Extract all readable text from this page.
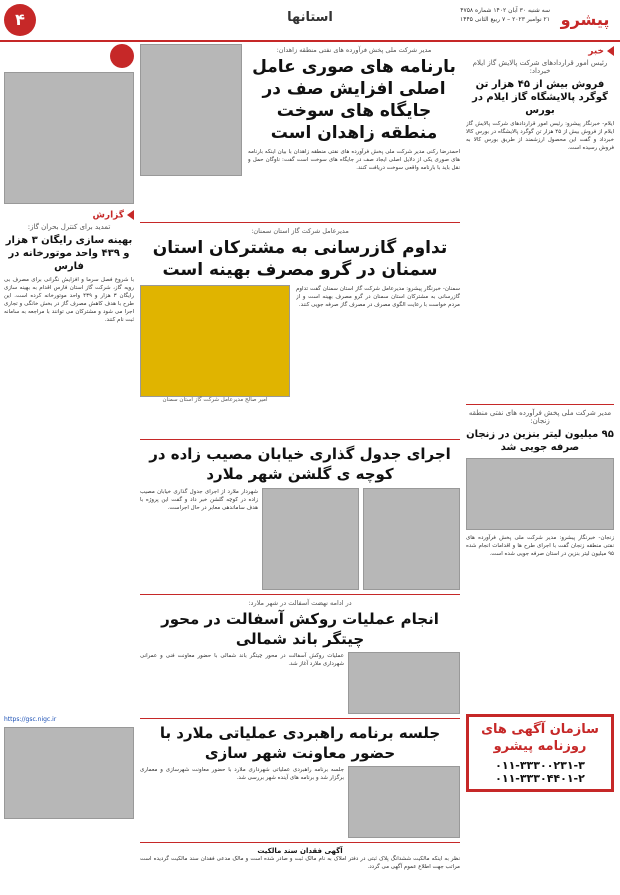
پیشرو
سه شنبه ۳۰ آبان ۱۴۰۲ شماره ۴۷۵۸
۲۱ نوامبر ۲۰۲۳ – ۷ ربیع الثانی ۱۴۴۵
استانها
۴
خبر
رئیس امور قراردادهای شرکت پالایش گاز ایلام خبرداد:
فروش بیش از ۴۵ هزار تن گوگرد پالایشگاه گاز ایلام در بورس
ایلام- خبرنگار پیشرو: رئیس امور قراردادهای شرکت پالایش گاز ایلام از فروش بیش از ۴۵ هزار تن گوگرد پالایشگاه در بورس کالا خبرداد و گفت این محصول ارزشمند از طریق بورس کالا به فروش رسیده است.
مدیر شرکت ملی پخش فرآورده های نفتی منطقه زنجان:
۹۵ میلیون لیتر بنزین در زنجان صرفه جویی شد
زنجان- خبرنگار پیشرو: مدیر شرکت ملی پخش فرآورده های نفتی منطقه زنجان گفت با اجرای طرح ها و اقدامات انجام شده ۹۵ میلیون لیتر بنزین در استان صرفه جویی شده است.
سازمان آگهی های روزنامه پیشرو
۰۱۱-۳۳۳۰۰۲۳۱-۳
۰۱۱-۳۳۳۰۴۴۰۱-۲
مدیر شرکت ملی پخش فرآورده های نفتی منطقه زاهدان:
بارنامه های صوری عامل اصلی افزایش صف در جایگاه های سوخت منطقه زاهدان است
احمدرضا رکنی مدیر شرکت ملی پخش فرآورده های نفتی منطقه زاهدان با بیان اینکه بارنامه های صوری یکی از دلایل اصلی ایجاد صف در جایگاه های سوخت است گفت: ناوگان حمل و نقل باید با بارنامه واقعی سوخت دریافت کنند.
مدیرعامل شرکت گاز استان سمنان:
تداوم گازرسانی به مشترکان استان سمنان در گرو مصرف بهینه است
سمنان- خبرنگار پیشرو: مدیرعامل شرکت گاز استان سمنان گفت تداوم گازرسانی به مشترکان استان سمنان در گرو مصرف بهینه است و از مردم خواست با رعایت الگوی مصرف در مصرف گاز صرفه جویی کنند.
امیر صالح مدیرعامل شرکت گاز استان سمنان
اجرای جدول گذاری خیابان مصیب زاده در کوچه ی گلشن شهر ملارد
شهردار ملارد از اجرای جدول گذاری خیابان مصیب زاده در کوچه گلشن خبر داد و گفت این پروژه با هدف ساماندهی معابر در حال اجراست.
در ادامه نهضت آسفالت در شهر ملارد:
انجام عملیات روکش آسفالت در محور چیتگر باند شمالی
عملیات روکش آسفالت در محور چیتگر باند شمالی با حضور معاونت فنی و عمرانی شهرداری ملارد آغاز شد.
جلسه برنامه راهبردی عملیاتی ملارد با حضور معاونت شهر سازی
جلسه برنامه راهبردی عملیاتی شهرداری ملارد با حضور معاونت شهرسازی و معماری برگزار شد و برنامه های آینده شهر بررسی شد.
آگهی فقدان سند مالکیت
نظر به اینکه مالکیت ششدانگ پلاک ثبتی در دفتر املاک به نام مالک ثبت و صادر شده است و مالک مدعی فقدان سند مالکیت گردیده است مراتب جهت اطلاع عموم آگهی می گردد.
گزارش
تمدید برای کنترل بحران گاز:
بهینه سازی رایگان ۳ هزار و ۴۳۹ واحد موتورخانه در فارس
با شروع فصل سرما و افزایش نگرانی برای مصرف بی رویه گاز، شرکت گاز استان فارس اقدام به بهینه سازی رایگان ۳ هزار و ۴۳۹ واحد موتورخانه کرده است. این طرح با هدف کاهش مصرف گاز در بخش خانگی و تجاری اجرا می شود و مشترکان می توانند با مراجعه به سامانه ثبت نام کنند.
https://gsc.nigc.ir
